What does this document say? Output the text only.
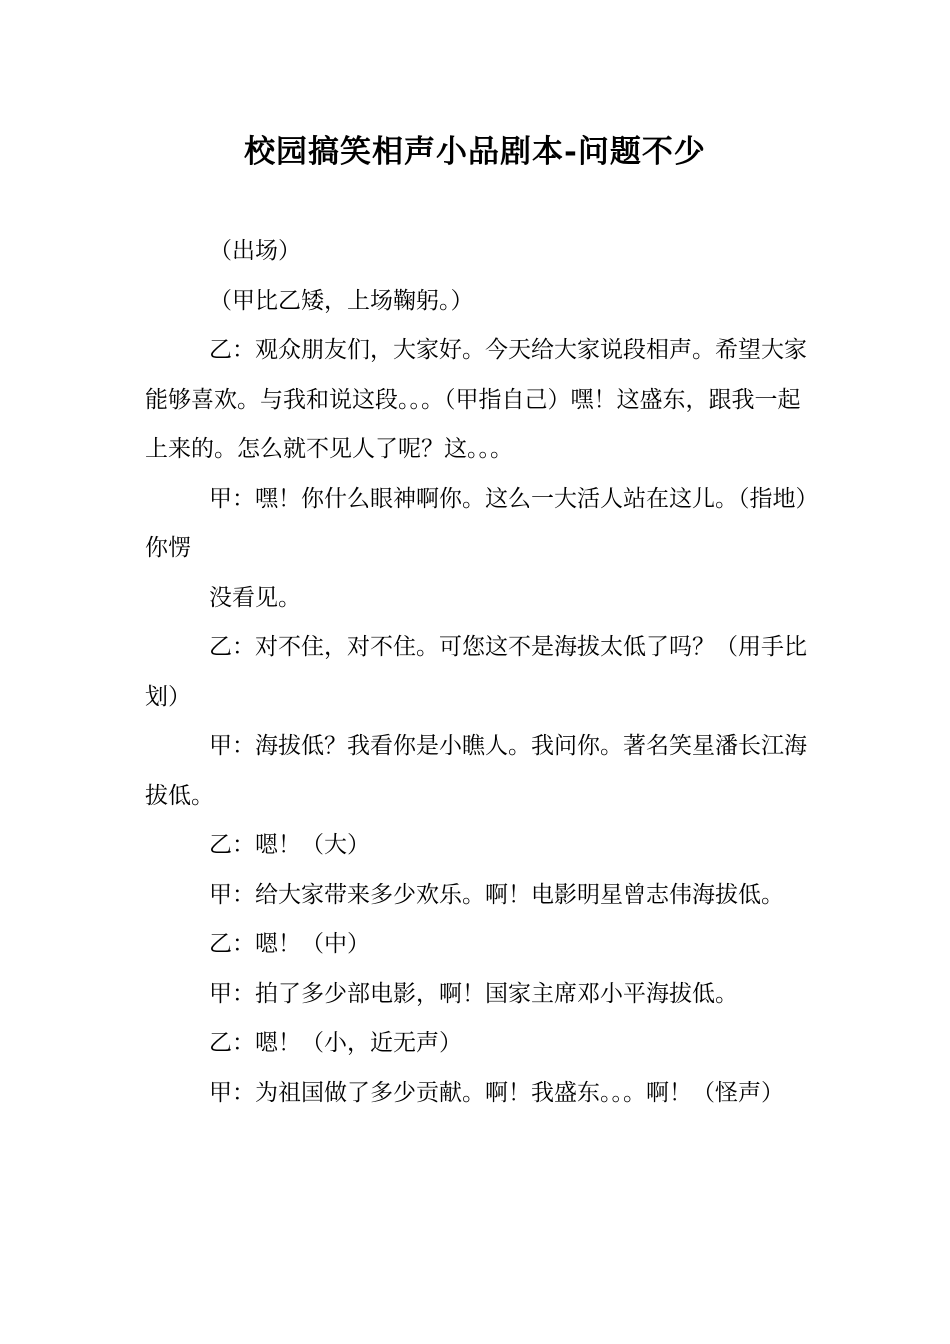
校园搞笑相声小品剧本-问题不少

（出场）

（甲比乙矮，上场鞠躬。）

乙：观众朋友们，大家好。今天给大家说段相声。希望大家能够喜欢。与我和说这段。。。（甲指自己）嘿！这盛东，跟我一起上来的。怎么就不见人了呢？这。。。

甲：嘿！你什么眼神啊你。这么一大活人站在这儿。（指地）你愣

没看见。

乙：对不住，对不住。可您这不是海拔太低了吗？（用手比划）

甲：海拔低？我看你是小瞧人。我问你。著名笑星潘长江海拔低。

乙：嗯！（大）

甲：给大家带来多少欢乐。啊！电影明星曾志伟海拔低。

乙：嗯！（中）

甲：拍了多少部电影，啊！国家主席邓小平海拔低。

乙：嗯！（小，近无声）

甲：为祖国做了多少贡献。啊！我盛东。。。啊！（怪声）
